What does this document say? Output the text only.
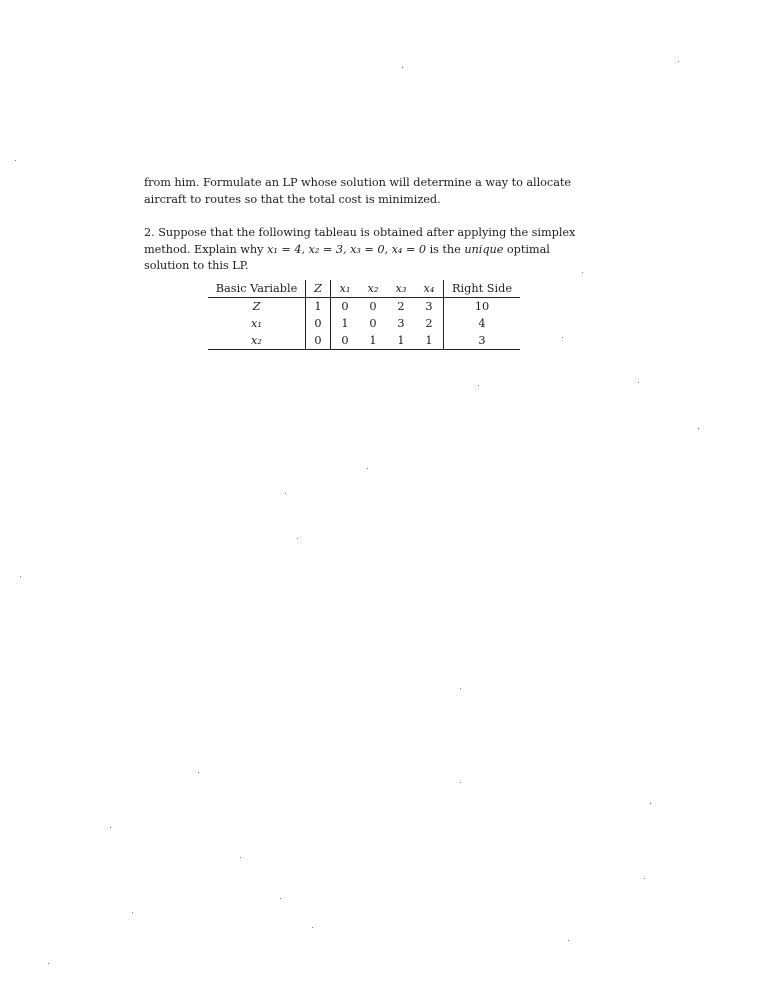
from him. Formulate an LP whose solution will determine a way to allocate
aircraft to routes so that the total cost is minimized.
2. Suppose that the following tableau is obtained after applying the simplex
method. Explain why x₁ = 4, x₂ = 3, x₃ = 0, x₄ = 0 is the unique optimal
solution to this LP.
Basic Variable	Z	x₁	x₂	x₃	x₄	Right Side
Z	1	0	0	2	3	10
x₁	0	1	0	3	2	4
x₂	0	0	1	1	1	3
